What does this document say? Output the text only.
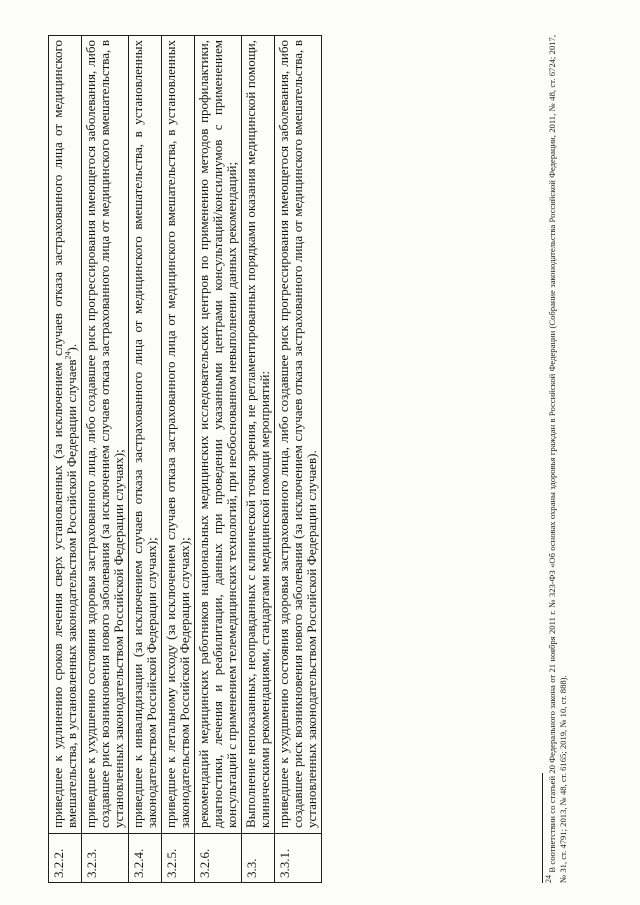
3.2.2.	приведшее к удлинению сроков лечения сверх установленных (за исключением случаев отказа застрахованного лица от медицинского вмешательства, в установленных законодательством Российской Федерации случаев$^{24}$).
3.2.3.	приведшее к ухудшению состояния здоровья застрахованного лица, либо создавшее риск прогрессирования имеющегося заболевания, либо создавшее риск возникновения нового заболевания (за исключением случаев отказа застрахованного лица от медицинского вмешательства, в установленных законодательством Российской Федерации случаях);

3.2.4.	приведшее к инвалидизации (за исключением случаев отказа застрахованного лица от медицинского вмешательства, в установленных законодательством Российской Федерации случаях);

3.2.5.	приведшее к летальному исходу (за исключением случаев отказа застрахованного лица от медицинского вмешательства, в установленных законодательством Российской Федерации случаях);

3.2.6.	рекомендаций медицинских работников национальных медицинских исследовательских центров по применению методов профилактики, диагностики, лечения и реабилитации, данных при проведении указанными центрами консультаций/консилиумов с применением консультаций с применением телемедицинских технологий, при необоснованном невыполнении данных рекомендаций;

3.3.	Выполнение непоказанных, неоправданных с клинической точки зрения, не регламентированных порядками оказания медицинской помощи, клиническими рекомендациями, стандартами медицинской помощи мероприятий:

3.3.1.	приведшее к ухудшению состояния здоровья застрахованного лица, либо создавшее риск прогрессирования имеющегося заболевания, либо создавшее риск возникновения нового заболевания (за исключением случаев отказа застрахованного лица от медицинского вмешательства, в установленных законодательством Российской Федерации случаев).

$^{24}$ В соответствии со статьей 20 Федерального закона от 21 ноября 2011 г. № 323-ФЗ «Об основах охраны здоровья граждан в Российской Федерации (Собрание законодательства Российской Федерации, 2011, № 48, ст. 6724; 2017, № 31, ст. 4791; 2013, № 48, ст. 6165; 2019, № 10, ст. 888).
